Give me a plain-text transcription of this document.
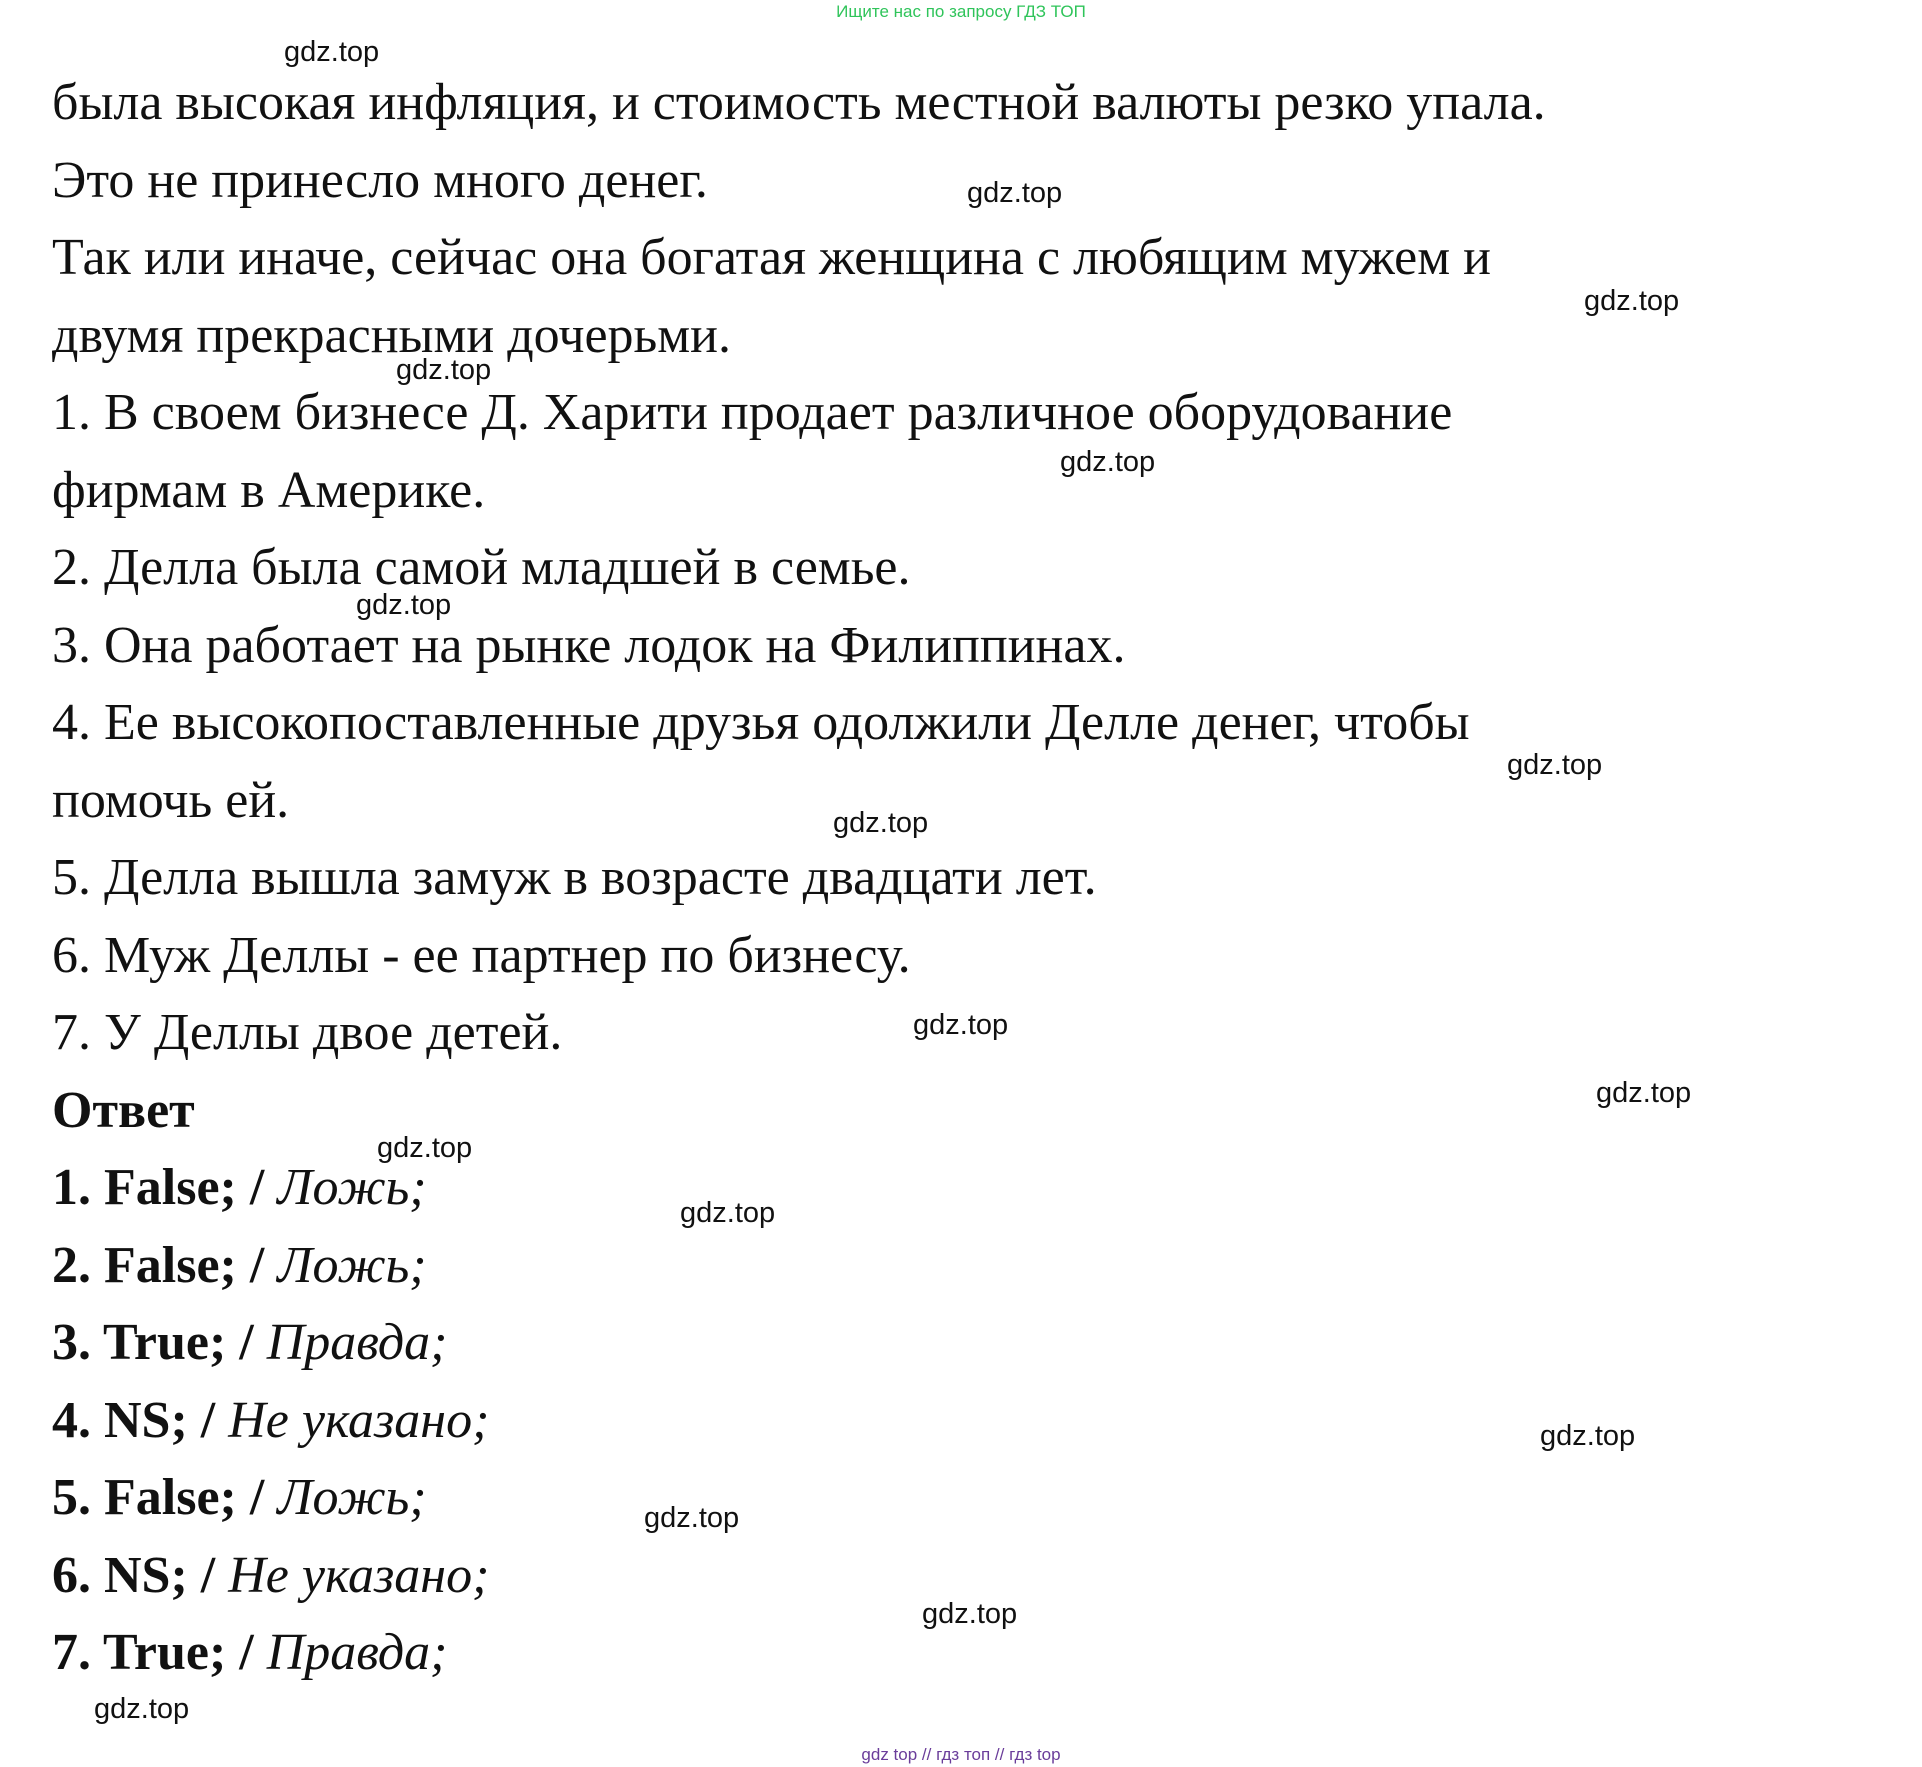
Ищите нас по запросу ГДЗ ТОП
была высокая инфляция, и стоимость местной валюты резко упала.
Это не принесло много денег.
Так или иначе, сейчас она богатая женщина с любящим мужем и
двумя прекрасными дочерьми.
1. В своем бизнесе Д. Харити продает различное оборудование
фирмам в Америке.
2. Делла была самой младшей в семье.
3. Она работает на рынке лодок на Филиппинах.
4. Ее высокопоставленные друзья одолжили Делле денег, чтобы
помочь ей.
5. Делла вышла замуж в возрасте двадцати лет.
6. Муж Деллы - ее партнер по бизнесу.
7. У Деллы двое детей.
Ответ
1. False; / Ложь;
2. False; / Ложь;
3. True; / Правда;
4. NS; / Не указано;
5. False; / Ложь;
6. NS; / Не указано;
7. True; / Правда;
gdz.top
gdz.top
gdz.top
gdz.top
gdz.top
gdz.top
gdz.top
gdz.top
gdz.top
gdz.top
gdz.top
gdz.top
gdz.top
gdz.top
gdz.top
gdz.top
gdz top // гдз топ // гдз top
